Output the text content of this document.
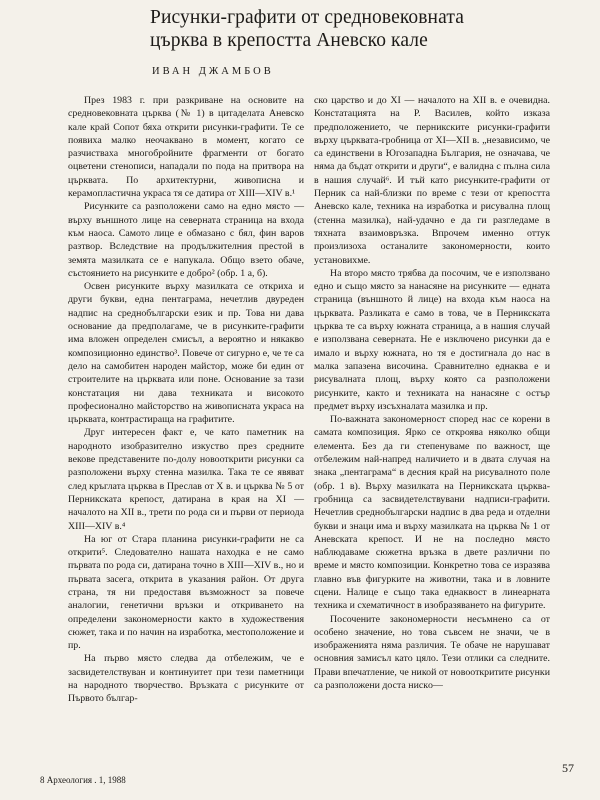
Рисунки-графити от средновековната
църква в крепостта Аневско кале
ИВАН ДЖАМБОВ

През 1983 г. при разкриване на основите на средновековната църква (№ 1) в цитаделата Аневско кале край Сопот бяха открити рисунки-графити. Те се появиха малко неочаквано в момент, когато се разчистваха многобройните фрагменти от богато оцветени стенописи, нападали по пода на притвора на църквата. По архитектурни, живописна и керамопластична украса тя се датира от XIII—XIV в.¹

Рисунките са разположени само на едно място — върху външното лице на северната страница на входа към наоса. Самото лице е обмазано с бял, фин варов разтвор. Вследствие на продължителния престой в земята мазилката се е напукала. Общо взето обаче, състоянието на рисунките е добро² (обр. 1 а, б).

Освен рисунките върху мазилката се откриха и други букви, една пентаграма, нечетлив двуреден надпис на среднобългарски език и пр. Това ни дава основание да предполагаме, че в рисунките-графити има вложен определен смисъл, а вероятно и някакво композиционно единство³. Повече от сигурно е, че те са дело на самобитен народен майстор, може би един от строителите на църквата или поне. Основание за тази констатация ни дава техниката и високото професионално майсторство на живописната украса на църквата, контрастираща на графитите.

Друг интересен факт е, че като паметник на народното изобразително изкуство през средните векове представените по-долу новооткрити рисунки са разположени върху стенна мазилка. Така те се явяват след кръглата църква в Преслав от X в. и църква № 5 от Перникската крепост, датирана в края на XI — началото на XII в., трети по рода си и първи от периода XIII—XIV в.⁴

На юг от Стара планина рисунки-графити не са открити⁵. Следователно нашата находка е не само първата по рода си, датирана точно в XIII—XIV в., но и първата засега, открита в указания район. От друга страна, тя ни предоставя възможност за повече аналогии, генетични връзки и откриването на определени закономерности както в художествения сюжет, така и по начин на изработка, местоположение и пр.

На първо място следва да отбележим, че е засвидетелствуван и континуитет при тези паметници на народното творчество. Връзката с рисунките от Първото българ-

ско царство и до XI — началото на XII в. е очевидна. Констатацията на Р. Василев, който изказа предположението, че перникските рисунки-графити върху църквата-гробница от XI—XII в. „независимо, че са единствени в Югозападна България, не означава, че няма да бъдат открити и други“, е валидна с пълна сила в нашия случай⁶. И тъй като рисунките-графити от Перник са най-близки по време с тези от крепостта Аневско кале, техника на изработка и рисувална площ (стенна мазилка), най-удачно е да ги разгледаме в тяхната взаимовръзка. Впрочем именно оттук произлизоха останалите закономерности, които установихме.

На второ място трябва да посочим, че е използвано едно и също място за нанасяне на рисунките — едната страница (външното й лице) на входа към наоса на църквата. Разликата е само в това, че в Перникската църква те са върху южната страница, а в нашия случай е използвана северната. Не е изключено рисунки да е имало и върху южната, но тя е достигнала до нас в малка запазена височина. Сравнително еднаква е и рисувалната площ, върху която са разположени рисунките, както и техниката на нанасяне с остър предмет върху изсъхналата мазилка и пр.

По-важната закономерност според нас се корени в самата композиция. Ярко се откроява няколко общи елемента. Без да ги степенуваме по важност, ще отбележим най-напред наличието и в двата случая на знака „пентаграма“ в десния край на рисувалното поле (обр. 1 в). Върху мазилката на Перникската църква-гробница са засвидетелствувани надписи-графити. Нечетлив среднобългарски надпис в два реда и отделни букви и знаци има и върху мазилката на църква № 1 от Аневската крепост. И не на последно място наблюдаваме сюжетна връзка в двете различни по време и място композиции. Конкретно това се изразява главно във фигурките на животни, така и в ловните сцени. Налице е също така еднаквост в линеарната техника и схематичност в изобразяването на фигурите.

Посочените закономерности несъмнено са от особено значение, но това съвсем не значи, че в изображенията няма различия. Те обаче не нарушават основния замисъл като цяло. Тези отлики са следните. Прави впечатление, че никой от новооткритите рисунки са разположени доста нискo—

8 Археология . 1, 1988
57
